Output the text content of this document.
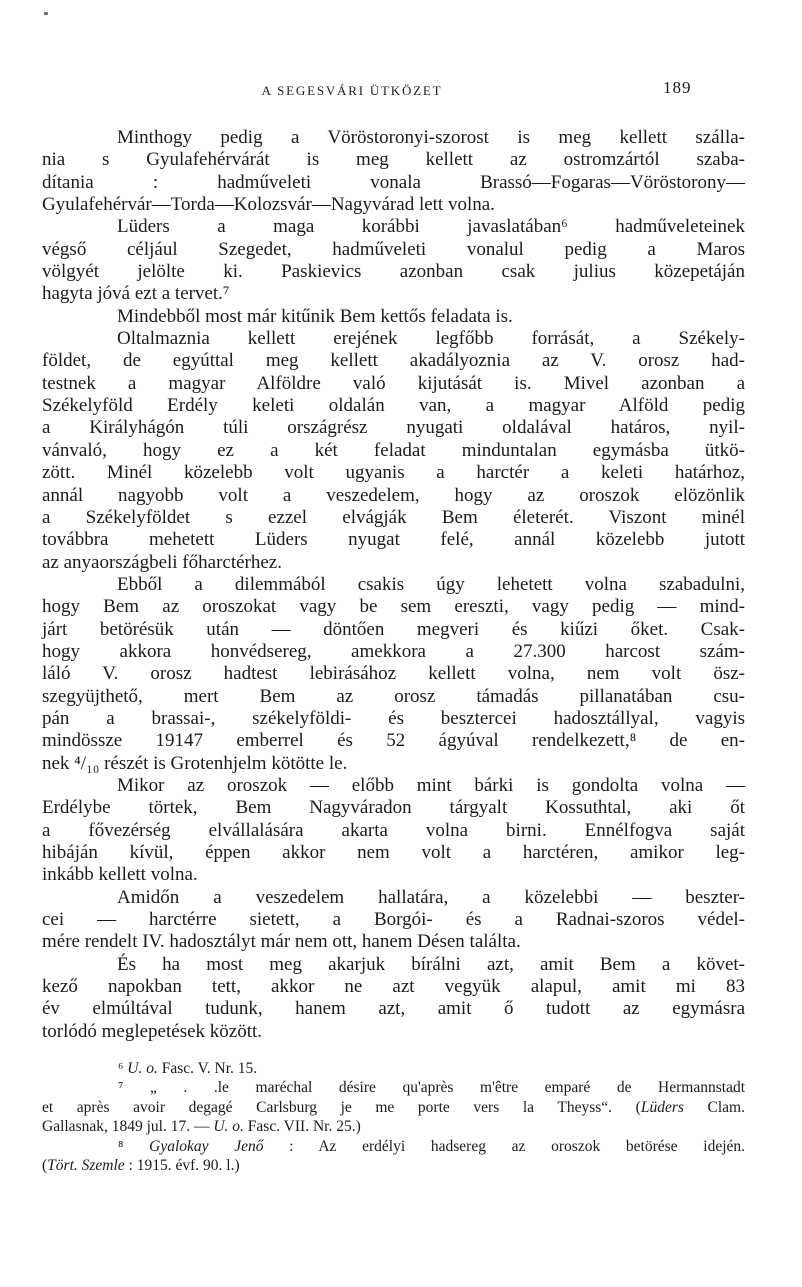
A SEGESVÁRI ÜTKÖZET	189
Minthogy pedig a Vöröstoronyi-szorost is meg kellett szálla-
nia s Gyulafehérvárát is meg kellett az ostromzártól szaba-
dítania : hadműveleti vonala Brassó—Fogaras—Vöröstorony—
Gyulafehérvár—Torda—Kolozsvár—Nagyvárad lett volna.
Lüders a maga korábbi javaslatában⁶ hadműveleteinek
végső céljául Szegedet, hadműveleti vonalul pedig a Maros
völgyét jelölte ki. Paskievics azonban csak julius közepetáján
hagyta jóvá ezt a tervet.⁷
Mindebből most már kitűnik Bem kettős feladata is.
Oltalmaznia kellett erejének legfőbb forrását, a Székely-
földet, de egyúttal meg kellett akadályoznia az V. orosz had-
testnek a magyar Alföldre való kijutását is. Mivel azonban a
Székelyföld Erdély keleti oldalán van, a magyar Alföld pedig
a Királyhágón túli országrész nyugati oldalával határos, nyil-
vánvaló, hogy ez a két feladat minduntalan egymásba ütkö-
zött. Minél közelebb volt ugyanis a harctér a keleti határhoz,
annál nagyobb volt a veszedelem, hogy az oroszok elözönlik
a Székelyföldet s ezzel elvágják Bem életerét. Viszont minél
továbbra mehetett Lüders nyugat felé, annál közelebb jutott
az anyaországbeli főharctérhez.
Ebből a dilemmából csakis úgy lehetett volna szabadulni,
hogy Bem az oroszokat vagy be sem ereszti, vagy pedig — mind-
járt betörésük után — döntően megveri és kiűzi őket. Csak-
hogy akkora honvédsereg, amekkora a 27.300 harcost szám-
láló V. orosz hadtest lebirásához kellett volna, nem volt ösz-
szegyüjthető, mert Bem az orosz támadás pillanatában csu-
pán a brassai-, székelyföldi- és besztercei hadosztállyal, vagyis
mindössze 19147 emberrel és 52 ágyúval rendelkezett,⁸ de en-
nek ⁴/₁₀ részét is Grotenhjelm kötötte le.
Mikor az oroszok — előbb mint bárki is gondolta volna —
Erdélybe törtek, Bem Nagyváradon tárgyalt Kossuthtal, aki őt
a fővezérség elvállalására akarta volna birni. Ennélfogva saját
hibáján kívül, éppen akkor nem volt a harctéren, amikor leg-
inkább kellett volna.
Amidőn a veszedelem hallatára, a közelebbi — beszter-
cei — harctérre sietett, a Borgói- és a Radnai-szoros védel-
mére rendelt IV. hadosztályt már nem ott, hanem Désen találta.
És ha most meg akarjuk bírálni azt, amit Bem a követ-
kező napokban tett, akkor ne azt vegyük alapul, amit mi 83
év elmúltával tudunk, hanem azt, amit ő tudott az egymásra
torlódó meglepetések között.
⁶ U. o. Fasc. V. Nr. 15.
⁷ „ . .le maréchal désire qu'après m'être emparé de Hermannstadt
et après avoir degagé Carlsburg je me porte vers la Theyss“. (Lüders Clam.
Gallasnak, 1849 jul. 17. — U. o. Fasc. VII. Nr. 25.)
⁸ Gyalokay Jenő : Az erdélyi hadsereg az oroszok betörése idején.
(Tört. Szemle : 1915. évf. 90. l.)
